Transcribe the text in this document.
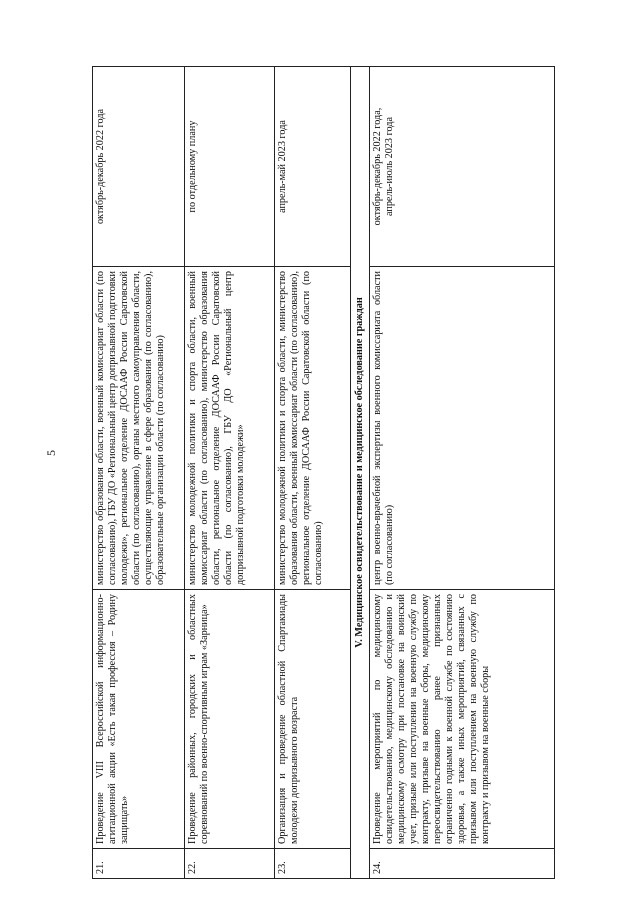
5
21.	Проведение VIII Всероссийской информационно-агитационной акции «Есть такая профессия – Родину защищать»	министерство образования области, военный комиссариат области (по согласованию), ГБУ ДО «Региональный центр допризывной подготовки молодежи», региональное отделение ДОСААФ России Саратовской области (по согласованию), органы местного самоуправления области, осуществляющие управление в сфере образования (по согласованию), образовательные организации области (по согласованию)	октябрь-декабрь 2022 года
22.	Проведение районных, городских и областных соревнований по военно-спортивным играм «Зарница»	министерство молодежной политики и спорта области, военный комиссариат области (по согласованию), министерство образования области, региональное отделение ДОСААФ России Саратовской области (по согласованию), ГБУ ДО «Региональный центр допризывной подготовки молодежи»	по отдельному плану
23.	Организация и проведение областной Спартакиады молодежи допризывного возраста	министерство молодежной политики и спорта области, министерство образования области, военный комиссариат области (по согласованию), региональное отделение ДОСААФ России Саратовской области (по согласованию)	апрель-май 2023 года
V. Медицинское освидетельствование и медицинское обследование граждан			
24.	Проведение мероприятий по медицинскому освидетельствованию, медицинскому обследованию и медицинскому осмотру при постановке на воинский учет, призыве или поступлении на военную службу по контракту, призыве на военные сборы, медицинскому переосвидетельствованию ранее признанных ограниченно годными к военной службе по состоянию здоровья, а также иных мероприятий, связанных с призывом или поступлением на военную службу по контракту и призывом на военные сборы	центр военно-врачебной экспертизы военного комиссариата области (по согласованию)	октябрь-декабрь 2022 года, апрель-июль 2023 года
